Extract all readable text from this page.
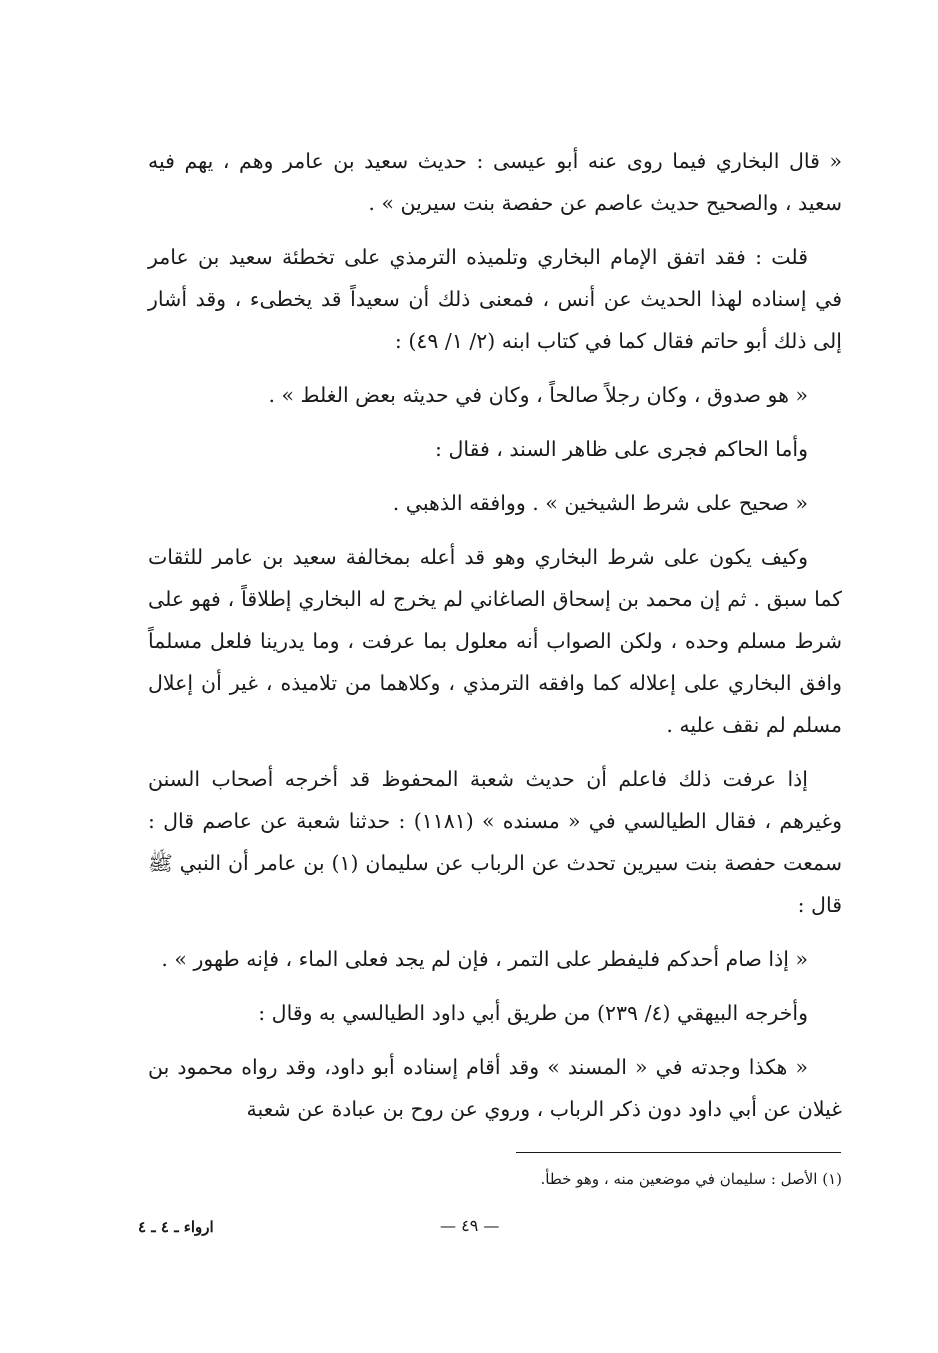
« قال البخاري فيما روى عنه أبو عيسى : حديث سعيد بن عامر وهم ، يهم فيه سعيد ، والصحيح حديث عاصم عن حفصة بنت سيرين » .

قلت : فقد اتفق الإمام البخاري وتلميذه الترمذي على تخطئة سعيد بن عامر في إسناده لهذا الحديث عن أنس ، فمعنى ذلك أن سعيداً قد يخطىء ، وقد أشار إلى ذلك أبو حاتم فقال كما في كتاب ابنه (٢/ ١/ ٤٩) :

« هو صدوق ، وكان رجلاً صالحاً ، وكان في حديثه بعض الغلط » .

وأما الحاكم فجرى على ظاهر السند ، فقال :

« صحيح على شرط الشيخين » . ووافقه الذهبي .

وكيف يكون على شرط البخاري وهو قد أعله بمخالفة سعيد بن عامر للثقات كما سبق . ثم إن محمد بن إسحاق الصاغاني لم يخرج له البخاري إطلاقاً ، فهو على شرط مسلم وحده ، ولكن الصواب أنه معلول بما عرفت ، وما يدرينا فلعل مسلماً وافق البخاري على إعلاله كما وافقه الترمذي ، وكلاهما من تلاميذه ، غير أن إعلال مسلم لم نقف عليه .

إذا عرفت ذلك فاعلم أن حديث شعبة المحفوظ قد أخرجه أصحاب السنن وغيرهم ، فقال الطيالسي في « مسنده » (١١٨١) : حدثنا شعبة عن عاصم قال : سمعت حفصة بنت سيرين تحدث عن الرباب عن سليمان (١) بن عامر أن النبي ﷺ قال :

« إذا صام أحدكم فليفطر على التمر ، فإن لم يجد فعلى الماء ، فإنه طهور » .

وأخرجه البيهقي (٤/ ٢٣٩) من طريق أبي داود الطيالسي به وقال :

« هكذا وجدته في « المسند » وقد أقام إسناده أبو داود، وقد رواه محمود بن غيلان عن أبي داود دون ذكر الرباب ، وروي عن روح بن عبادة عن شعبة

(١) الأصل : سليمان في موضعين منه ، وهو خطأ.
— ٤٩ —
ارواء ـ ٤ ـ ٤
